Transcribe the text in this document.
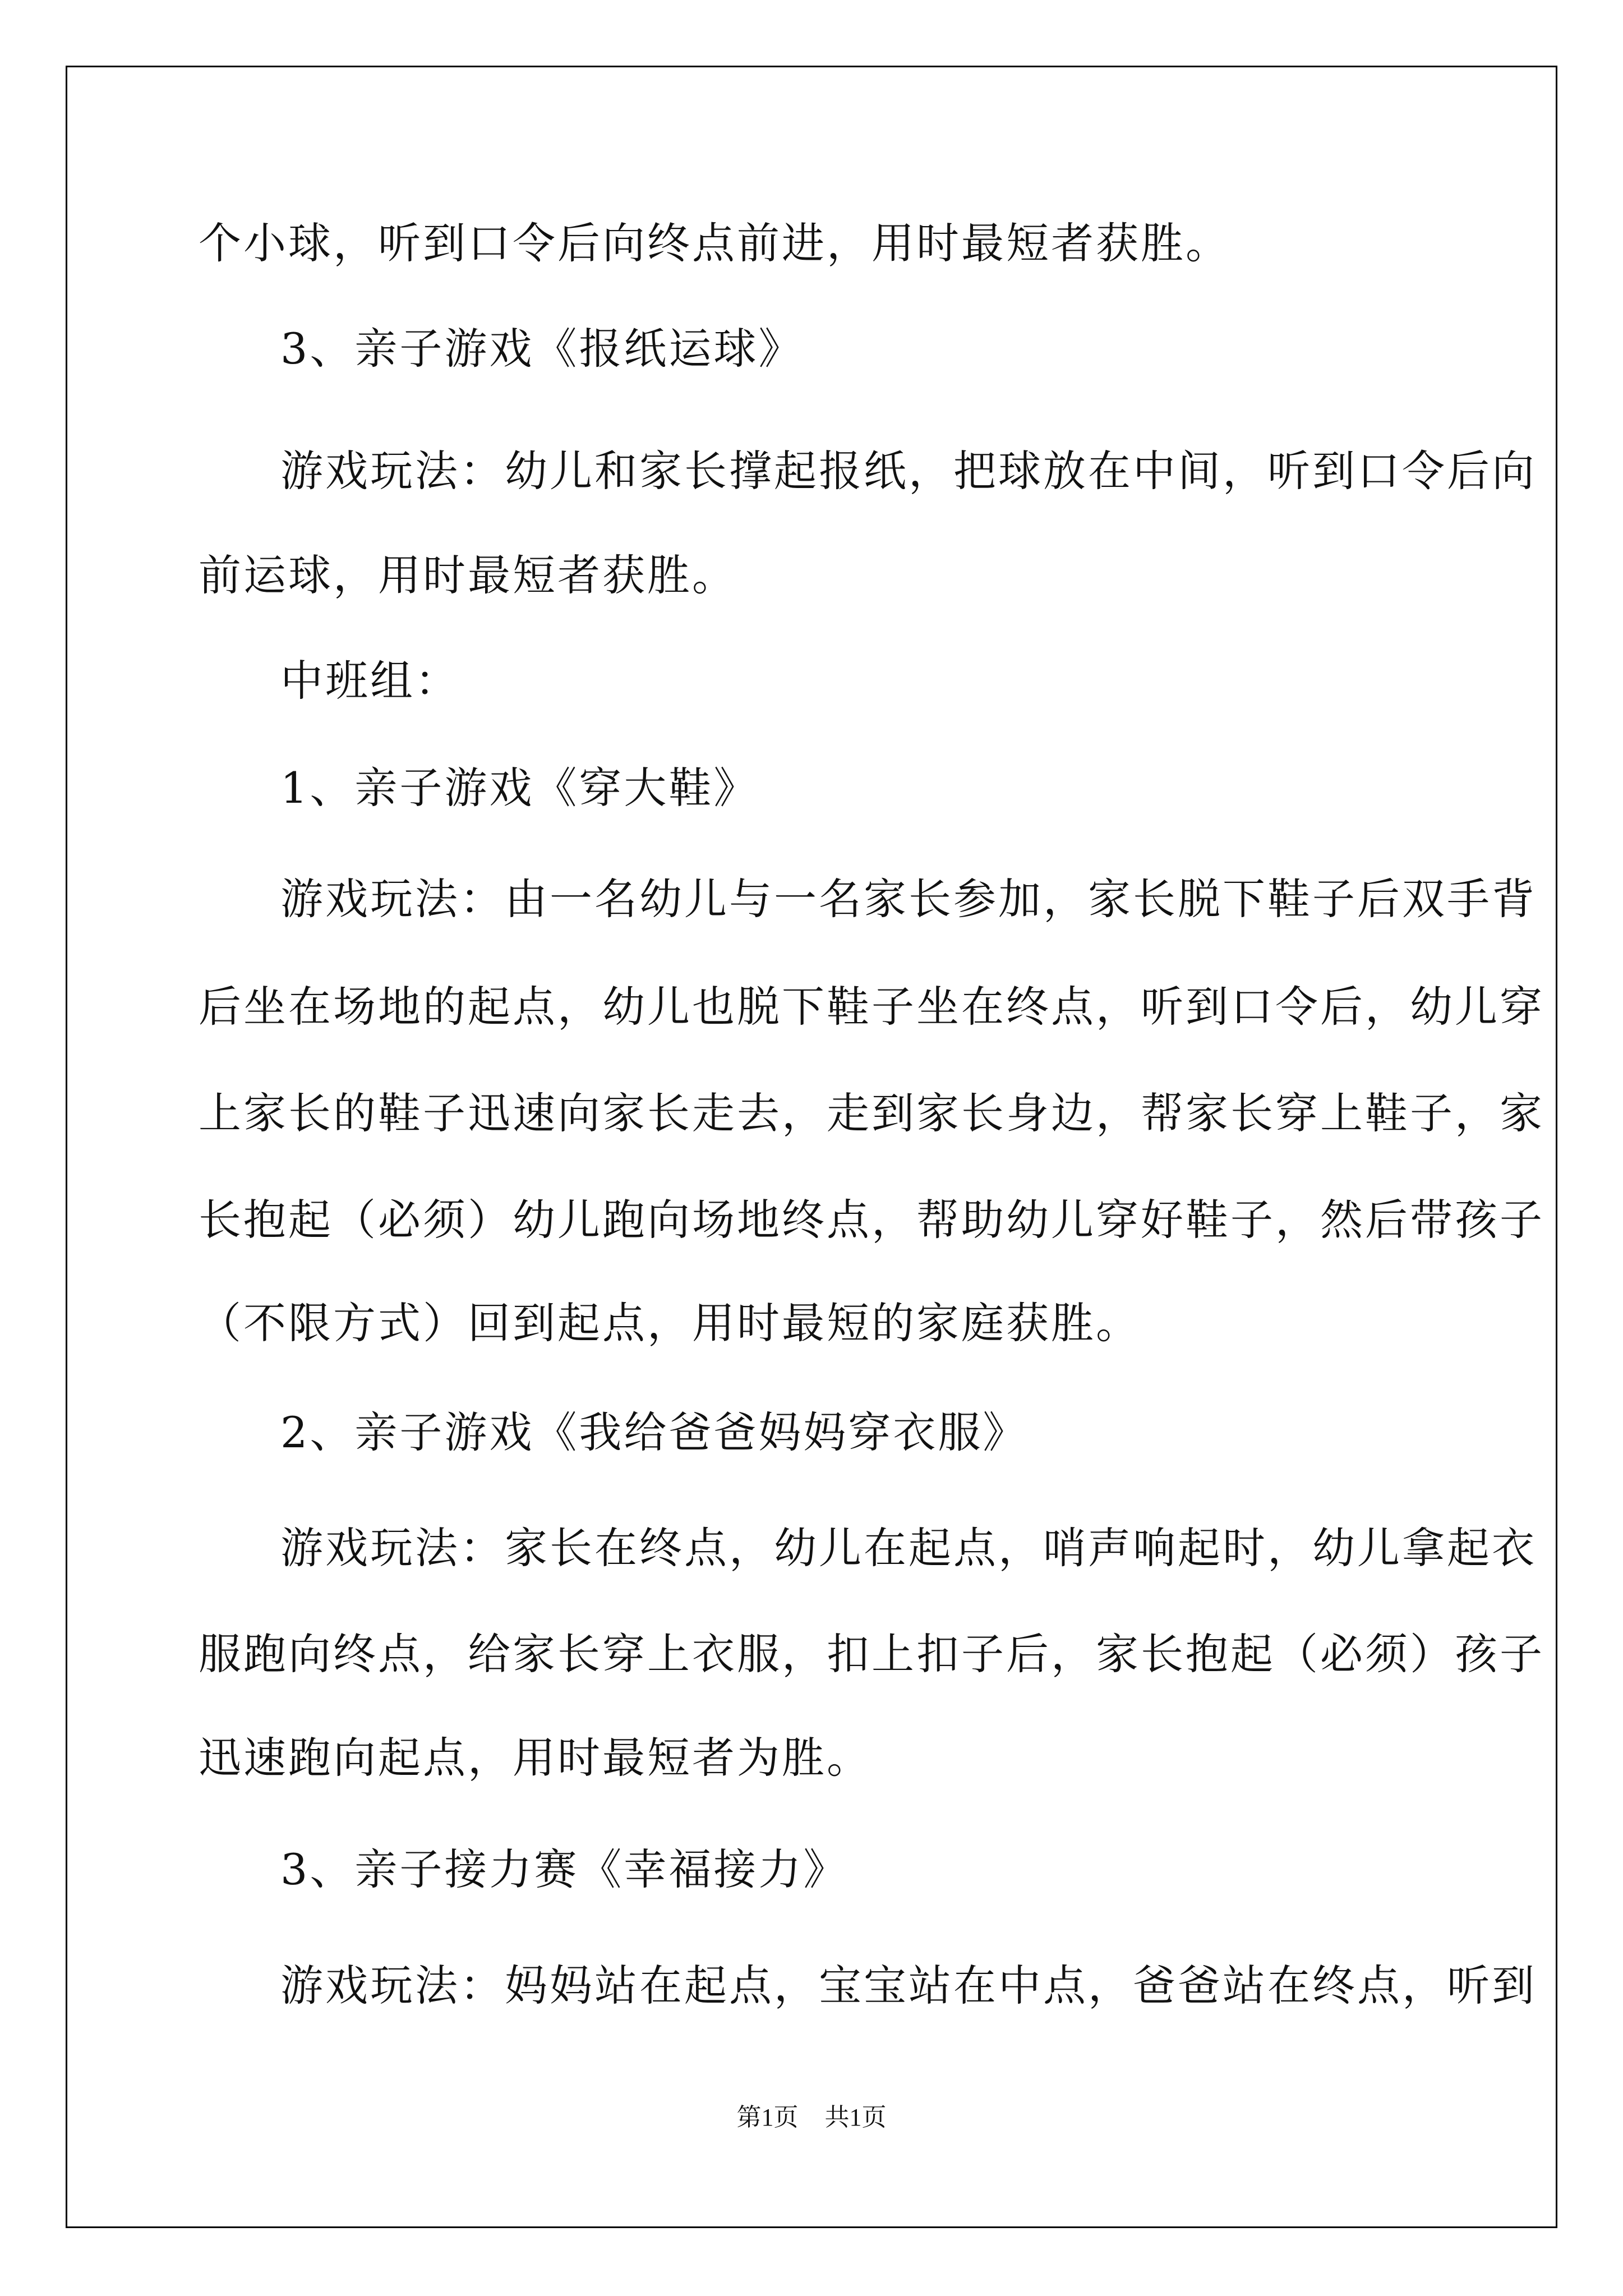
个小球，听到口令后向终点前进，用时最短者获胜。

3、亲子游戏《报纸运球》

游戏玩法：幼儿和家长撑起报纸，把球放在中间，听到口令后向

前运球，用时最短者获胜。

中班组：

1、亲子游戏《穿大鞋》

游戏玩法：由一名幼儿与一名家长参加，家长脱下鞋子后双手背

后坐在场地的起点，幼儿也脱下鞋子坐在终点，听到口令后，幼儿穿

上家长的鞋子迅速向家长走去，走到家长身边，帮家长穿上鞋子，家

长抱起（必须）幼儿跑向场地终点，帮助幼儿穿好鞋子，然后带孩子

（不限方式）回到起点，用时最短的家庭获胜。

2、亲子游戏《我给爸爸妈妈穿衣服》

游戏玩法：家长在终点，幼儿在起点，哨声响起时，幼儿拿起衣

服跑向终点，给家长穿上衣服，扣上扣子后，家长抱起（必须）孩子

迅速跑向起点，用时最短者为胜。

3、亲子接力赛《幸福接力》

游戏玩法：妈妈站在起点，宝宝站在中点，爸爸站在终点，听到

第1页 共1页
